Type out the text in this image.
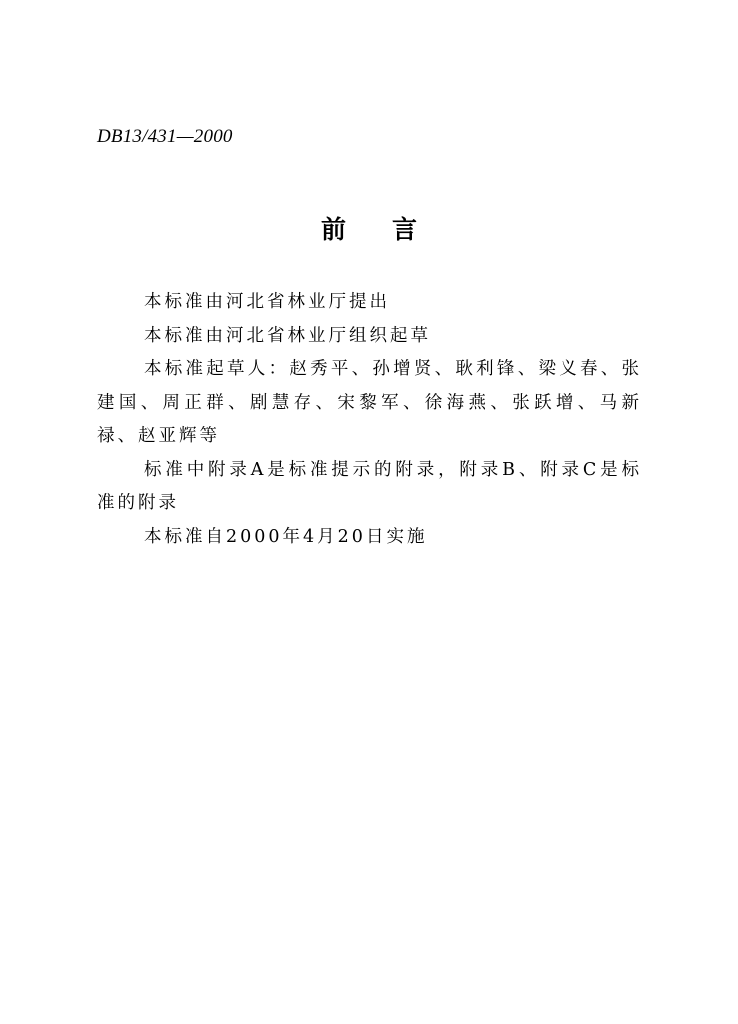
DB13/431—2000
前 言

本标准由河北省林业厅提出

本标准由河北省林业厅组织起草

本标准起草人：赵秀平、孙增贤、耿利锋、梁义春、张建国、周正群、剧慧存、宋黎军、徐海燕、张跃增、马新禄、赵亚辉等

标准中附录A是标准提示的附录，附录B、附录C是标准的附录

本标准自2000年4月20日实施
